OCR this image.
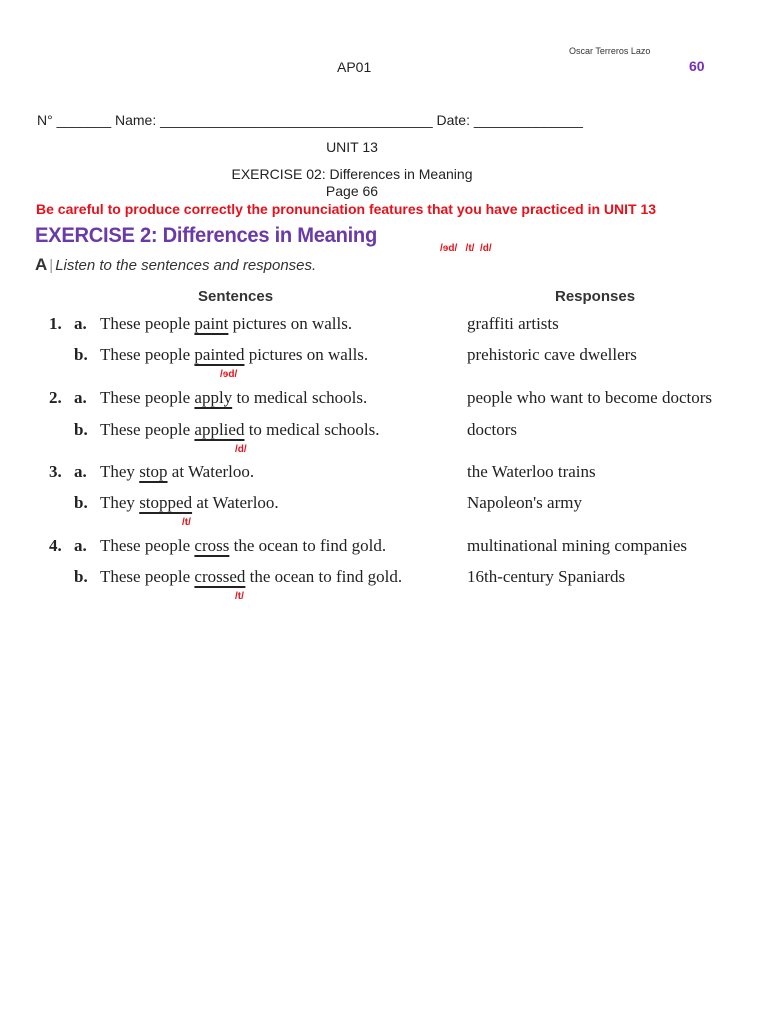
Oscar Terreros Lazo
60
AP01
N° _______ Name: ___________________________________ Date: ______________
UNIT 13
EXERCISE 02: Differences in Meaning
Page 66
Be careful to produce correctly the pronunciation features that you have practiced in UNIT 13
EXERCISE 2: Differences in Meaning
/ɘd/   /t/  /d/
A | Listen to the sentences and responses.
Sentences	Responses
1. a. These people paint pictures on walls.	graffiti artists
b. These people painted pictures on walls.	prehistoric cave dwellers
/ɘd/
2. a. These people apply to medical schools.	people who want to become doctors
b. These people applied to medical schools.	doctors
/d/
3. a. They stop at Waterloo.	the Waterloo trains
b. They stopped at Waterloo.	Napoleon's army
/t/
4. a. These people cross the ocean to find gold.	multinational mining companies
b. These people crossed the ocean to find gold.	16th-century Spaniards
/t/
